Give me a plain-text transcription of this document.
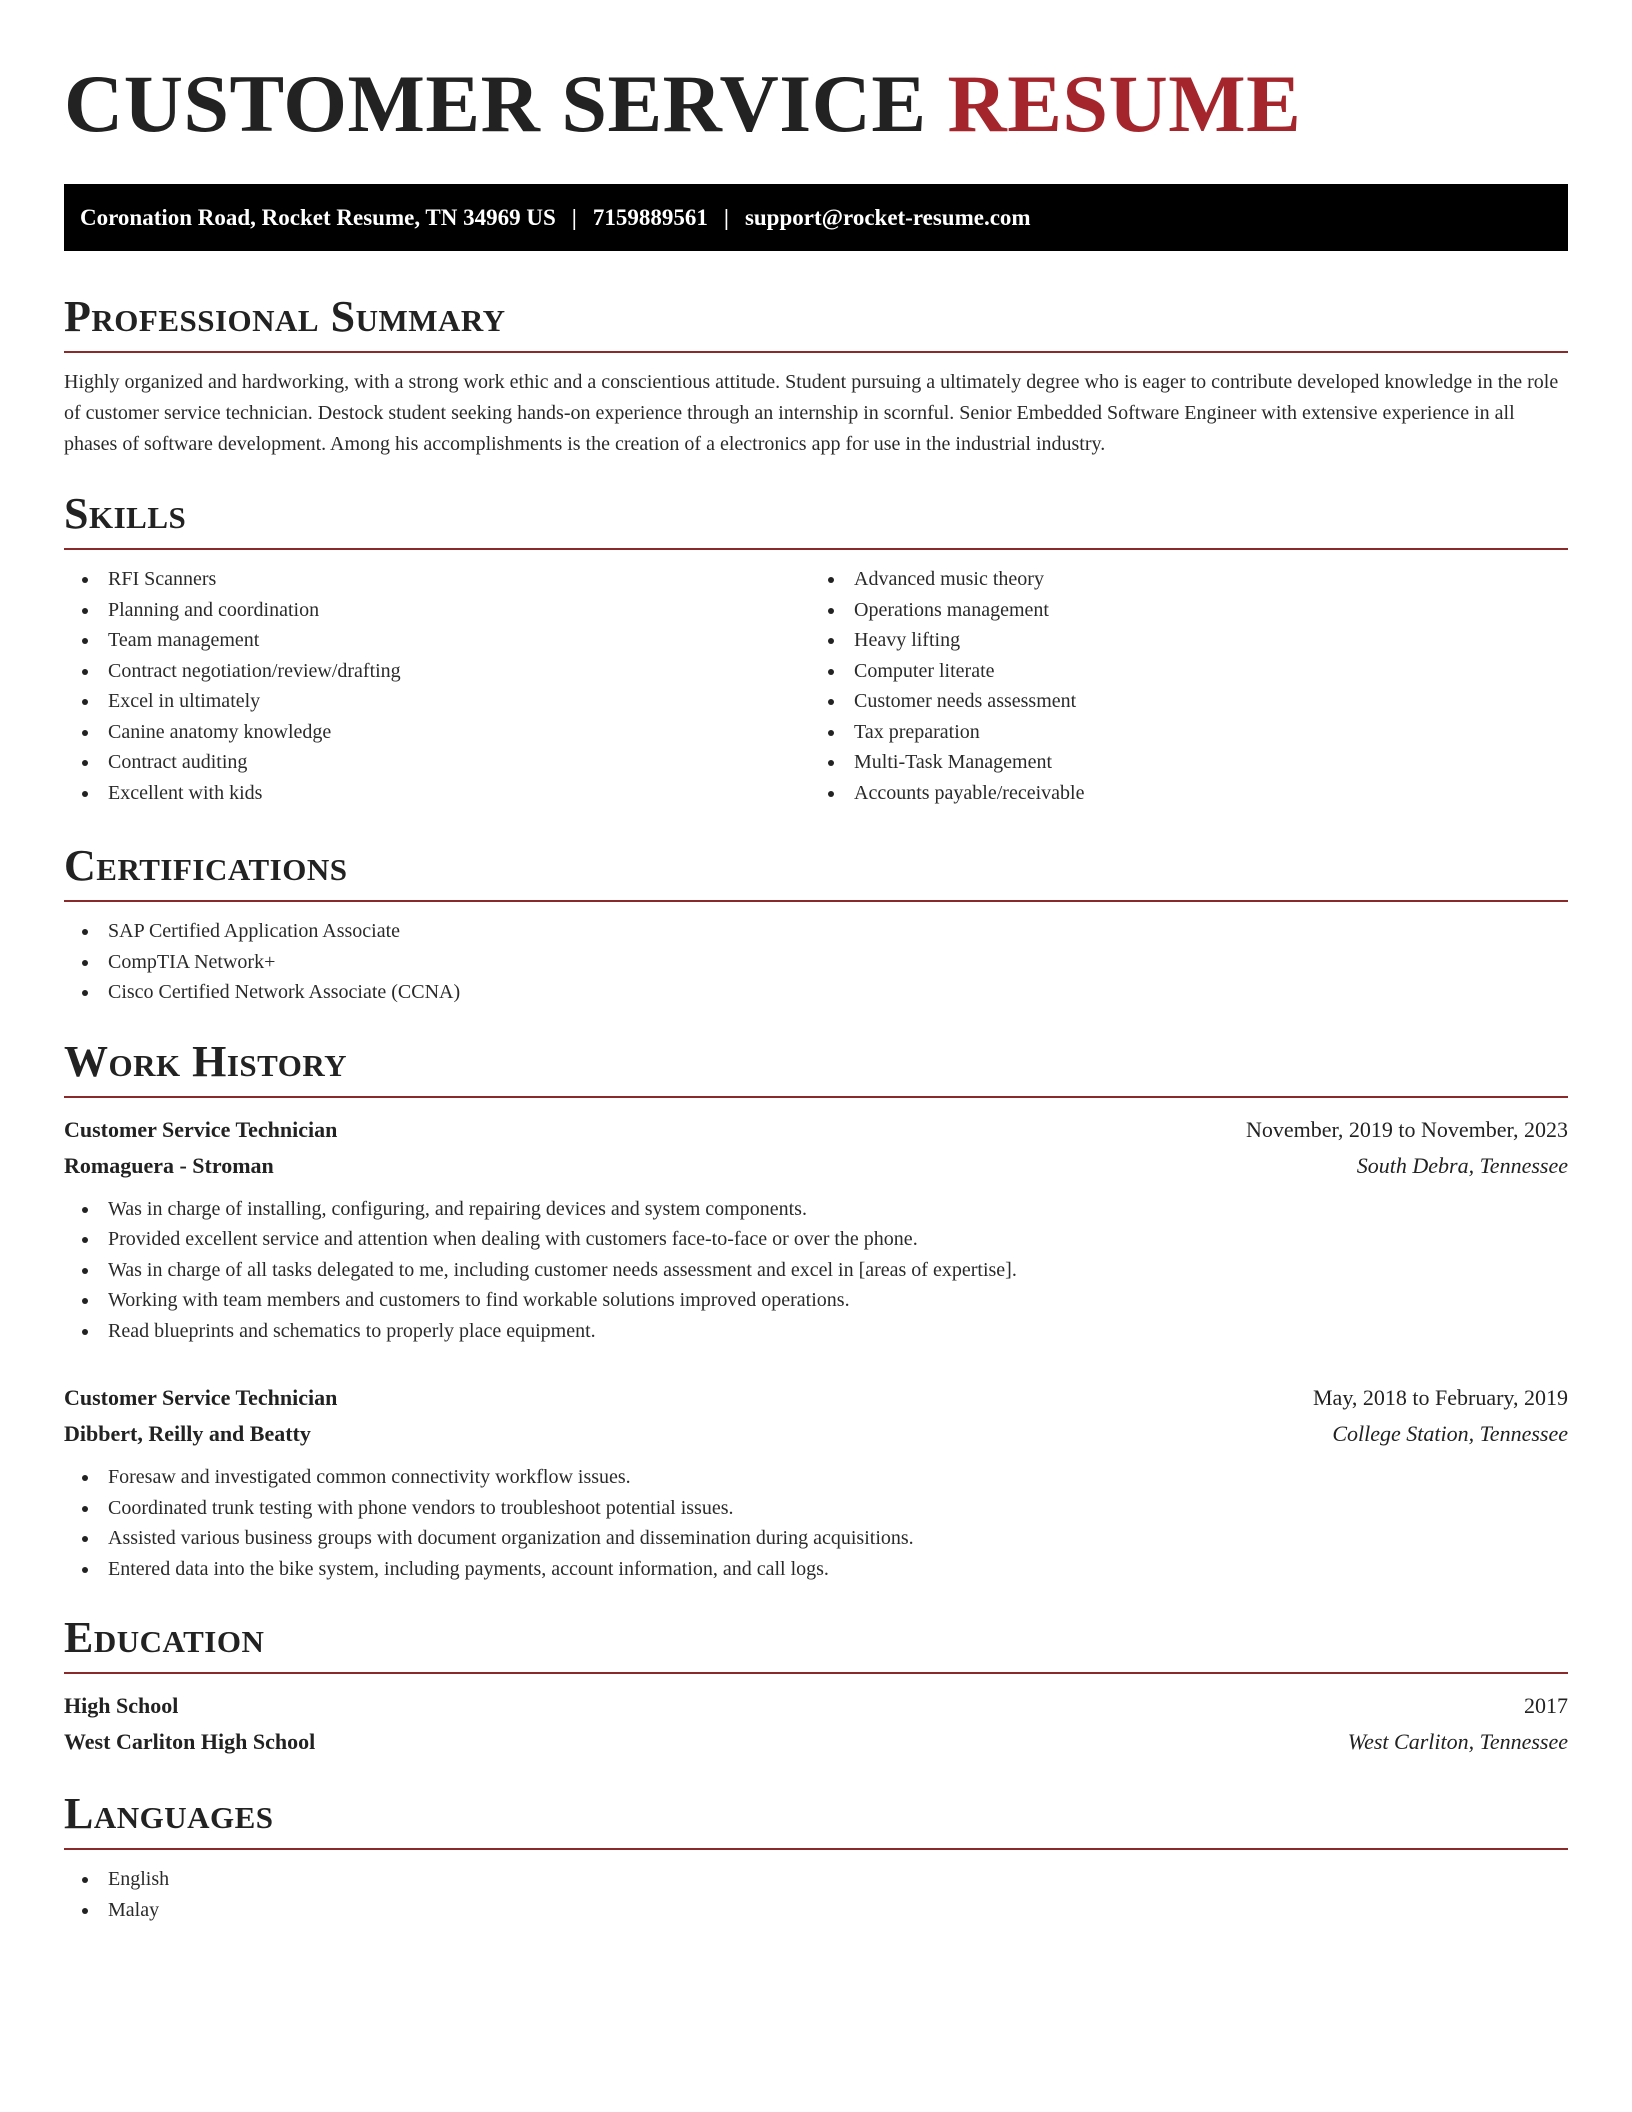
CUSTOMER SERVICE RESUME
Coronation Road, Rocket Resume, TN 34969 US | 7159889561 | support@rocket-resume.com
Professional Summary

Highly organized and hardworking, with a strong work ethic and a conscientious attitude. Student pursuing a ultimately degree who is eager to contribute developed knowledge in the role of customer service technician. Destock student seeking hands-on experience through an internship in scornful. Senior Embedded Software Engineer with extensive experience in all phases of software development. Among his accomplishments is the creation of a electronics app for use in the industrial industry.

Skills
RFI Scanners
Planning and coordination
Team management
Contract negotiation/review/drafting
Excel in ultimately
Canine anatomy knowledge
Contract auditing
Excellent with kids
Advanced music theory
Operations management
Heavy lifting
Computer literate
Customer needs assessment
Tax preparation
Multi-Task Management
Accounts payable/receivable
Certifications
SAP Certified Application Associate
CompTIA Network+
Cisco Certified Network Associate (CCNA)
Work History
Customer Service Technician	November, 2019 to November, 2023
Romaguera - Stroman	South Debra, Tennessee
Was in charge of installing, configuring, and repairing devices and system components.
Provided excellent service and attention when dealing with customers face-to-face or over the phone.
Was in charge of all tasks delegated to me, including customer needs assessment and excel in [areas of expertise].
Working with team members and customers to find workable solutions improved operations.
Read blueprints and schematics to properly place equipment.
Customer Service Technician	May, 2018 to February, 2019
Dibbert, Reilly and Beatty	College Station, Tennessee
Foresaw and investigated common connectivity workflow issues.
Coordinated trunk testing with phone vendors to troubleshoot potential issues.
Assisted various business groups with document organization and dissemination during acquisitions.
Entered data into the bike system, including payments, account information, and call logs.
Education
High School	2017
West Carliton High School	West Carliton, Tennessee
Languages
English
Malay
